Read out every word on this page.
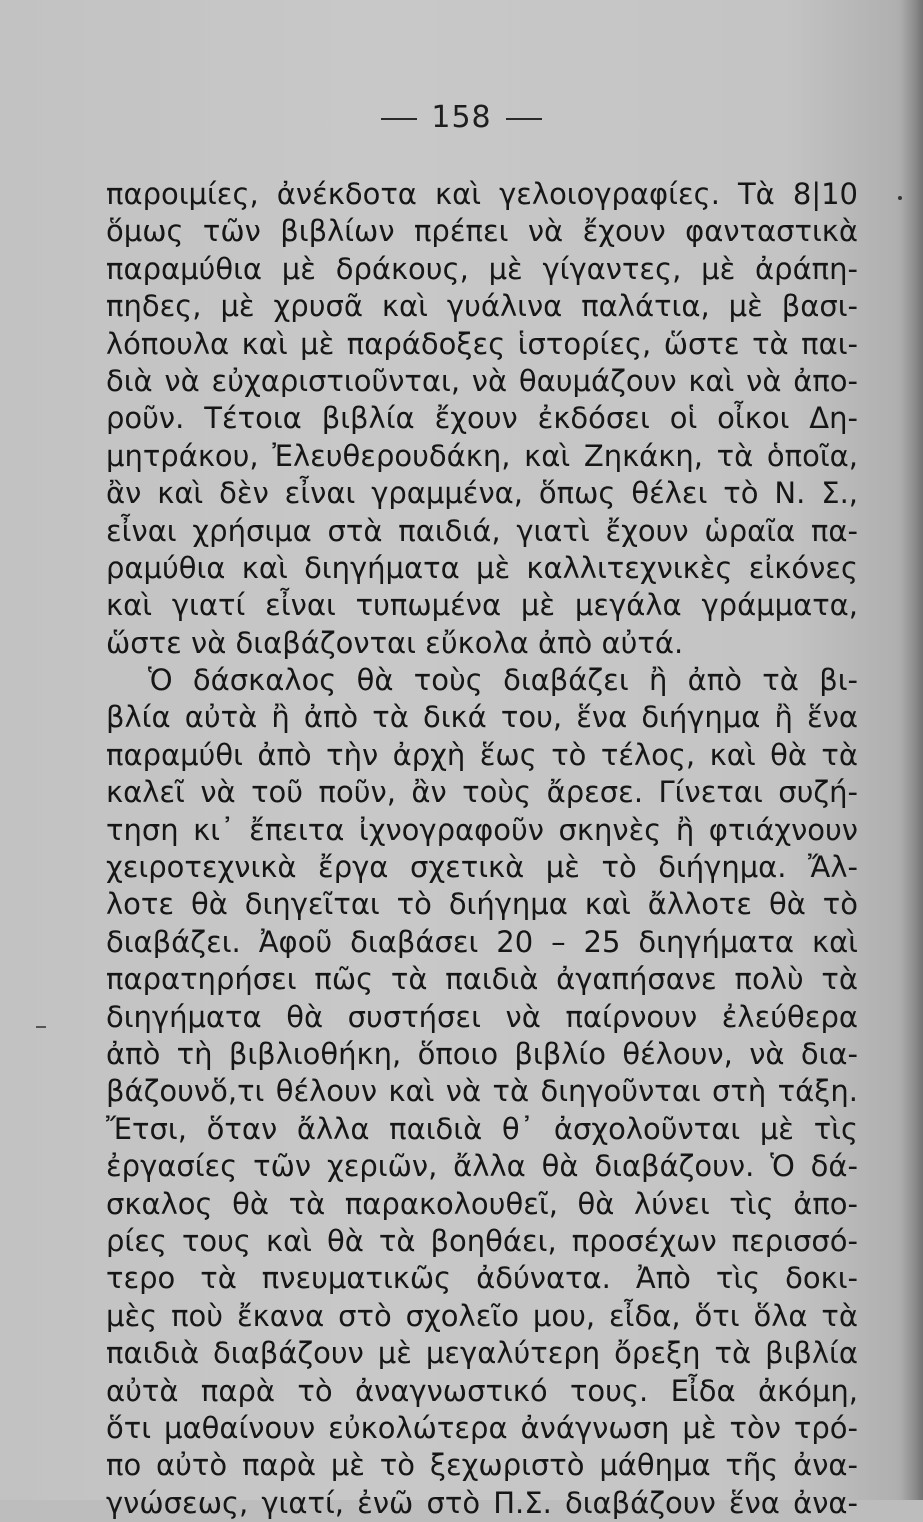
158
παροιμίες, ἀνέκδοτα καὶ γελοιογραφίες. Τὰ 8|10
ὅμως τῶν βιβλίων πρέπει νὰ ἔχουν φανταστικὰ
παραμύθια μὲ δράκους, μὲ γίγαντες, μὲ ἀράπη-
πηδες, μὲ χρυσᾶ καὶ γυάλινα παλάτια, μὲ βασι-
λόπουλα καὶ μὲ παράδοξες ἱστορίες, ὥστε τὰ παι-
διὰ νὰ εὐχαριστιοῦνται, νὰ θαυμάζουν καὶ νὰ ἀπο-
ροῦν. Τέτοια βιβλία ἔχουν ἐκδόσει οἱ οἶκοι Δη-
μητράκου, Ἐλευθερουδάκη, καὶ Ζηκάκη, τὰ ὁποῖα,
ἂν καὶ δὲν εἶναι γραμμένα, ὅπως θέλει τὸ Ν. Σ.,
εἶναι χρήσιμα στὰ παιδιά, γιατὶ ἔχουν ὡραῖα πα-
ραμύθια καὶ διηγήματα μὲ καλλιτεχνικὲς εἰκόνες
καὶ γιατί εἶναι τυπωμένα μὲ μεγάλα γράμματα,
ὥστε νὰ διαβάζονται εὔκολα ἀπὸ αὐτά.
Ὁ δάσκαλος θὰ τοὺς διαβάζει ἢ ἀπὸ τὰ βι-
βλία αὐτὰ ἢ ἀπὸ τὰ δικά του, ἕνα διήγημα ἢ ἕνα
παραμύθι ἀπὸ τὴν ἀρχὴ ἕως τὸ τέλος, καὶ θὰ τὰ
καλεῖ νὰ τοῦ ποῦν, ἂν τοὺς ἄρεσε. Γίνεται συζή-
τηση κι᾿ ἔπειτα ἰχνογραφοῦν σκηνὲς ἢ φτιάχνουν
χειροτεχνικὰ ἔργα σχετικὰ μὲ τὸ διήγημα. Ἄλ-
λοτε θὰ διηγεῖται τὸ διήγημα καὶ ἄλλοτε θὰ τὸ
διαβάζει. Ἀφοῦ διαβάσει 20 – 25 διηγήματα καὶ
παρατηρήσει πῶς τὰ παιδιὰ ἀγαπήσανε πολὺ τὰ
διηγήματα θὰ συστήσει νὰ παίρνουν ἐλεύθερα
ἀπὸ τὴ βιβλιοθήκη, ὅποιο βιβλίο θέλουν, νὰ δια-
βάζουνὅ,τι θέλουν καὶ νὰ τὰ διηγοῦνται στὴ τάξη.
Ἔτσι, ὅταν ἄλλα παιδιὰ θ᾿ ἀσχολοῦνται μὲ τὶς
ἐργασίες τῶν χεριῶν, ἄλλα θὰ διαβάζουν. Ὁ δά-
σκαλος θὰ τὰ παρακολουθεῖ, θὰ λύνει τὶς ἀπο-
ρίες τους καὶ θὰ τὰ βοηθάει, προσέχων περισσό-
τερο τὰ πνευματικῶς ἀδύνατα. Ἀπὸ τὶς δοκι-
μὲς ποὺ ἔκανα στὸ σχολεῖο μου, εἶδα, ὅτι ὅλα τὰ
παιδιὰ διαβάζουν μὲ μεγαλύτερη ὄρεξη τὰ βιβλία
αὐτὰ παρὰ τὸ ἀναγνωστικό τους. Εἶδα ἀκόμη,
ὅτι μαθαίνουν εὐκολώτερα ἀνάγνωση μὲ τὸν τρό-
πο αὐτὸ παρὰ μὲ τὸ ξεχωριστὸ μάθημα τῆς ἀνα-
γνώσεως, γιατί, ἐνῶ στὸ Π.Σ. διαβάζουν ἕνα ἀνα-
